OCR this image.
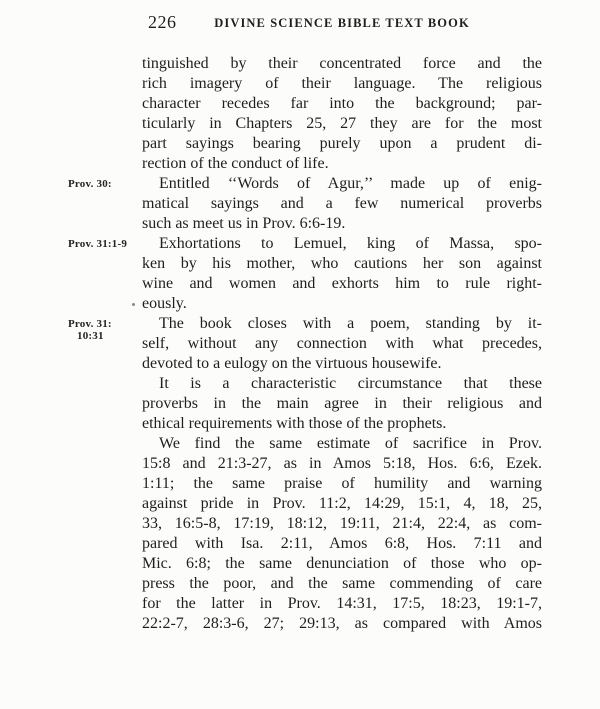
226	DIVINE SCIENCE BIBLE TEXT BOOK
tinguished by their concentrated force and the
rich imagery of their language. The religious
character recedes far into the background; par-
ticularly in Chapters 25, 27 they are for the most
part sayings bearing purely upon a prudent di-
rection of the conduct of life.
Entitled ‘‘Words of Agur,’’ made up of enig-
Prov. 30:
matical sayings and a few numerical proverbs
such as meet us in Prov. 6:6-19.
Exhortations to Lemuel, king of Massa, spo-
Prov. 31:1-9
ken by his mother, who cautions her son against
wine and women and exhorts him to rule right-
eously.
The book closes with a poem, standing by it-
Prov. 31:
10:31	self, without any connection with what precedes,
devoted to a eulogy on the virtuous housewife.
It is a characteristic circumstance that these
proverbs in the main agree in their religious and
ethical requirements with those of the prophets.
We find the same estimate of sacrifice in Prov.
15:8 and 21:3-27, as in Amos 5:18, Hos. 6:6, Ezek.
1:11; the same praise of humility and warning
against pride in Prov. 11:2, 14:29, 15:1, 4, 18, 25,
33, 16:5-8, 17:19, 18:12, 19:11, 21:4, 22:4, as com-
pared with Isa. 2:11, Amos 6:8, Hos. 7:11 and
Mic. 6:8; the same denunciation of those who op-
press the poor, and the same commending of care
for the latter in Prov. 14:31, 17:5, 18:23, 19:1-7,
22:2-7, 28:3-6, 27; 29:13, as compared with Amos
